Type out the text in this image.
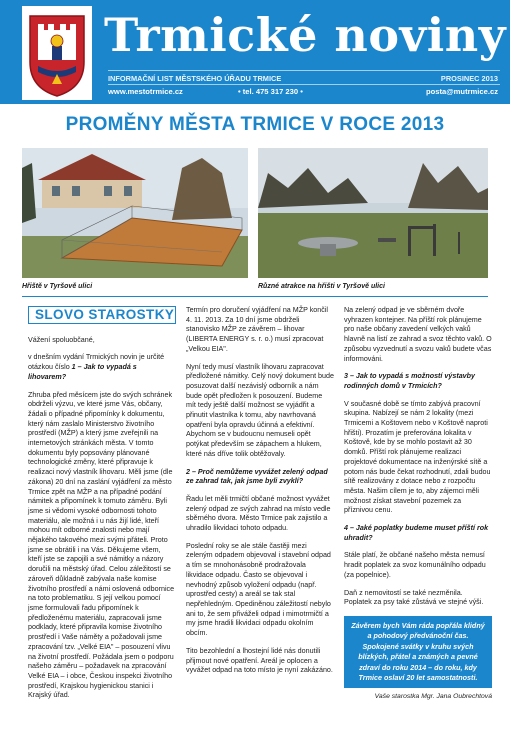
Trmické noviny
INFORMAČNÍ LIST MĚSTSKÉHO ÚŘADU TRMICE	PROSINEC 2013
www.mestotrmice.cz	• tel. 475 317 230 •	posta@mutrmice.cz
PROMĚNY MĚSTA TRMICE V ROCE 2013
Hřiště v Tyršově ulici	Různé atrakce na hřišti v Tyršově ulici
SLOVO STAROSTKY

Vážení spoluobčané,

v dnešním vydání Trmických novin je určité otázkou číslo 1 – Jak to vypadá s lihovarem?

Zhruba před měsícem jste do svých schránek obdrželi výzvu, ve které jsme Vás, občany, žádali o případné připomínky k dokumentu, který nám zaslalo Ministerstvo životního prostředí (MŽP) a který jsme zveřejnili na internetových stránkách města. V tomto dokumentu byly popsovány plánované technologické změny, které připravuje k realizaci nový vlastník lihovaru. Měli jsme (dle zákona) 20 dní na zaslání vyjádření za město Trmice zpět na MŽP a na případné podání námitek a připomínek k tomuto záměru. Byli jsme si vědomi vysoké odbornosti tohoto materiálu, ale možná i u nás žijí lidé, kteří mohou mít odborné znalosti nebo mají nějakého takového mezi svými přáteli. Proto jsme se obrátili i na Vás. Děkujeme všem, kteří jste se zapojili a své námitky a názory doručili na městský úřad. Celou záležitostí se zároveň důkladně zabývala naše komise životního prostředí a námi oslovená odbornice na toto problematiku. S její velkou pomocí jsme formulovali řadu připomínek k předloženému materiálu, zapracovali jsme podklady, které připravila komise životního prostředí i Vaše náměty a požadovali jsme zpracování tzv. „Velké EIA" – posouzení vlivu na životní prostředí. Požádala jsem o podporu našeho záměru – požadavek na zpracování Velké EIA – i obce, Českou inspekci životního prostředí, Krajskou hygienickou stanici i Krajský úřad.

Termín pro doručení vyjádření na MŽP končil 4. 11. 2013. Za 10 dní jsme obdrželi stanovisko MŽP ze závěrem – lihovar (LIBERTA ENERGY s. r. o.) musí zpracovat „Velkou EIA".

Nyní tedy musí vlastník lihovaru zapracovat předložené námitky. Celý nový dokument bude posuzovat další nezávislý odborník a nám bude opět předložen k posouzení. Budeme mít tedy ještě další možnost se vyjádřit a přinutit vlastníka k tomu, aby navrhovaná opatření byla opravdu účinná a efektivní. Abychom se v budoucnu nemuseli opět potýkat především se zápachem a hlukem, které nás dříve tolik obtěžovaly.

2 – Proč nemůžeme vyvážet zelený odpad ze zahrad tak, jak jsme byli zvyklí?

Řadu let měli trmičtí občané možnost vyvážet zelený odpad ze svých zahrad na místo vedle sběrného dvora. Město Trmice pak zajistilo a uhradilo likvidaci tohoto odpadu.

Poslední roky se ale stále častěji mezi zeleným odpadem objevoval i stavební odpad a tím se mnohonásobně prodražovala likvidace odpadu. Často se objevoval i nevhodný způsob vyložení odpadu (např. uprostřed cesty) a areál se tak stal nepřehledným. Opediněnou záležitostí nebylo ani to, že sem přiváželi odpad i mimotrmičtí a my jsme hradili likvidaci odpadu okolním obcím.

Tito bezohlední a lhostejní lidé nás donutili přijmout nové opatření. Areál je oplocen a vyvážet odpad na toto místo je nyní zakázáno.

Na zelený odpad je ve sběrném dvoře vyhrazen kontejner. Na příští rok plánujeme pro naše občany zavedení velkých vaků hlavně na listí ze zahrad a svoz těchto vaků. O způsobu vyzvednutí a svozu vaků budete včas informováni.

3 – Jak to vypadá s možností výstavby rodinných domů v Trmicích?

V současné době se tímto zabývá pracovní skupina. Nabízejí se nám 2 lokality (mezi Trmicemi a Koštovem nebo v Koštově naproti hřišti). Prozatím je preferována lokalita v Koštově, kde by se mohlo postavit až 30 domků. Příští rok plánujeme realizaci projektové dokumentace na inženýrské sítě a potom nás bude čekat rozhodnutí, zdali budou sítě realizovány z dotace nebo z rozpočtu města. Našim cílem je to, aby zájemci měli možnost získat stavební pozemek za příznivou cenu.

4 – Jaké poplatky budeme muset příští rok uhradit?

Stále platí, že občané našeho města nemusí hradit poplatek za svoz komunálního odpadu (za popelnice).

Daň z nemovitostí se také nezměnila. Poplatek za psy také zůstává ve stejné výši.

Závěrem bych Vám ráda popřála klidný a pohodový předvánoční čas. Spokojené svátky v kruhu svých blízkých, přátel a známých a pevné zdraví do roku 2014 – do roku, kdy Trmice oslaví 20 let samostatnosti.
Vaše starostka Mgr. Jana Oubrechtová
